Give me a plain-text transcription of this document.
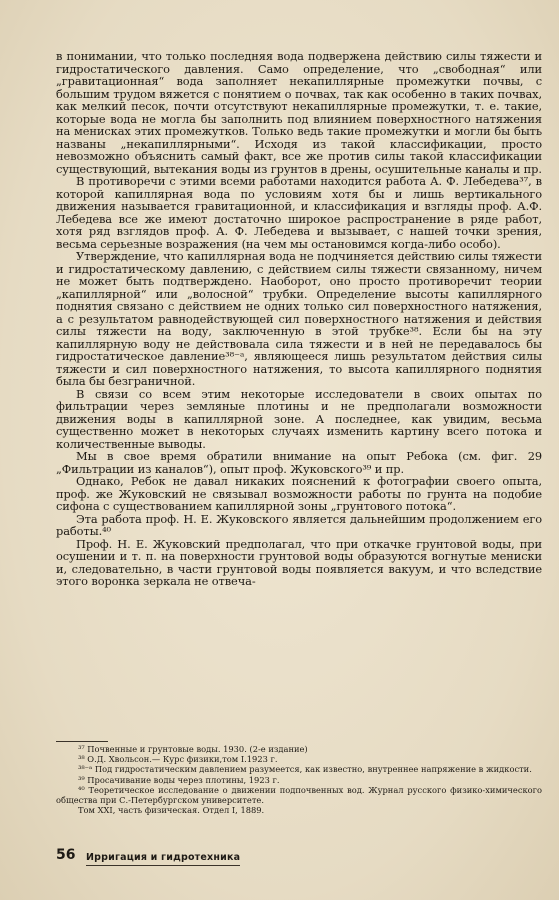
в понимании, что только последняя вода подвержена действию силы тяжести и гидростатического давления. Само определение, что „свободная“ или „гравитационная“ вода заполняет некапиллярные промежутки почвы, с большим трудом вяжется с понятием о почвах, так как особенно в таких почвах, как мелкий песок, почти отсутствуют некапиллярные промежутки, т. е. такие, которые вода не могла бы заполнить под влиянием поверхностного натяжения на менисках этих промежутков. Только ведь такие промежутки и могли бы быть названы „некапиллярными“. Исходя из такой классификации, просто невозможно объяснить самый факт, все же против силы такой классификации существующий, вытекания воды из грунтов в дрены, осушительные каналы и пр.

В противоречи с этими всеми работами находится работа А. Ф. Лебедева³⁷, в которой капиллярная вода по условиям хотя бы и лишь вертикального движения называется гравитационной, и классификация и взгляды проф. А.Ф. Лебедева все же имеют достаточно широкое распространение в ряде работ, хотя ряд взглядов проф. А. Ф. Лебедева и вызывает, с нашей точки зрения, весьма серьезные возражения (на чем мы остановимся когда-либо особо).

Утверждение, что капиллярная вода не подчиняется действию силы тяжести и гидростатическому давлению, с действием силы тяжести связанному, ничем не может быть подтверждено. Наоборот, оно просто противоречит теории „капиллярной“ или „волосной“ трубки. Определение высоты капиллярного поднятия связано с действием не одних только сил поверхностного натяжения, а с результатом равнодействующей сил поверхностного натяжения и действия силы тяжести на воду, заключенную в этой трубке³⁸. Если бы на эту капиллярную воду не действовала сила тяжести и в ней не передавалось бы гидростатическое давление³⁸⁻ᵃ, являющееся лишь результатом действия силы тяжести и сил поверхностного натяжения, то высота капиллярного поднятия была бы безграничной.

В связи со всем этим некоторые исследователи в своих опытах по фильтрации через земляные плотины и не предполагали возможности движения воды в капиллярной зоне. А последнее, как увидим, весьма существенно может в некоторых случаях изменить картину всего потока и количественные выводы.

Мы в свое время обратили внимание на опыт Ребока (см. фиг. 29 „Фильтрации из каналов“), опыт проф. Жуковского³⁹ и пр.

Однако, Ребок не давал никаких пояснений к фотографии своего опыта, проф. же Жуковский не связывал возможности работы по грунта на подобие сифона с существованием капиллярной зоны „грунтового потока“.

Эта работа проф. Н. Е. Жуковского является дальнейшим продолжением его работы.⁴⁰

Проф. Н. Е. Жуковский предполагал, что при откачке грунтовой воды, при осушении и т. п. на поверхности грунтовой воды образуются вогнутые мениски и, следовательно, в части грунтовой воды появляется вакуум, и что вследствие этого воронка зеркала не отвеча-

³⁷ Почвенные и грунтовые воды. 1930. (2-е издание)
³⁸ О.Д. Хвольсон.— Курс физики,том I.1923 г.
³⁸⁻ᵃ Под гидростатическим давлением разумеется, как известно, внутреннее напряжение в жидкости.
³⁹ Просачивание воды через плотины, 1923 г.
⁴⁰ Теоретическое исследование о движении подпочвенных вод. Журнал русского физико-химического общества при С.-Петербургском университете.
Том XXI, часть физическая. Отдел I, 1889.
56 Ирригация и гидротехника
